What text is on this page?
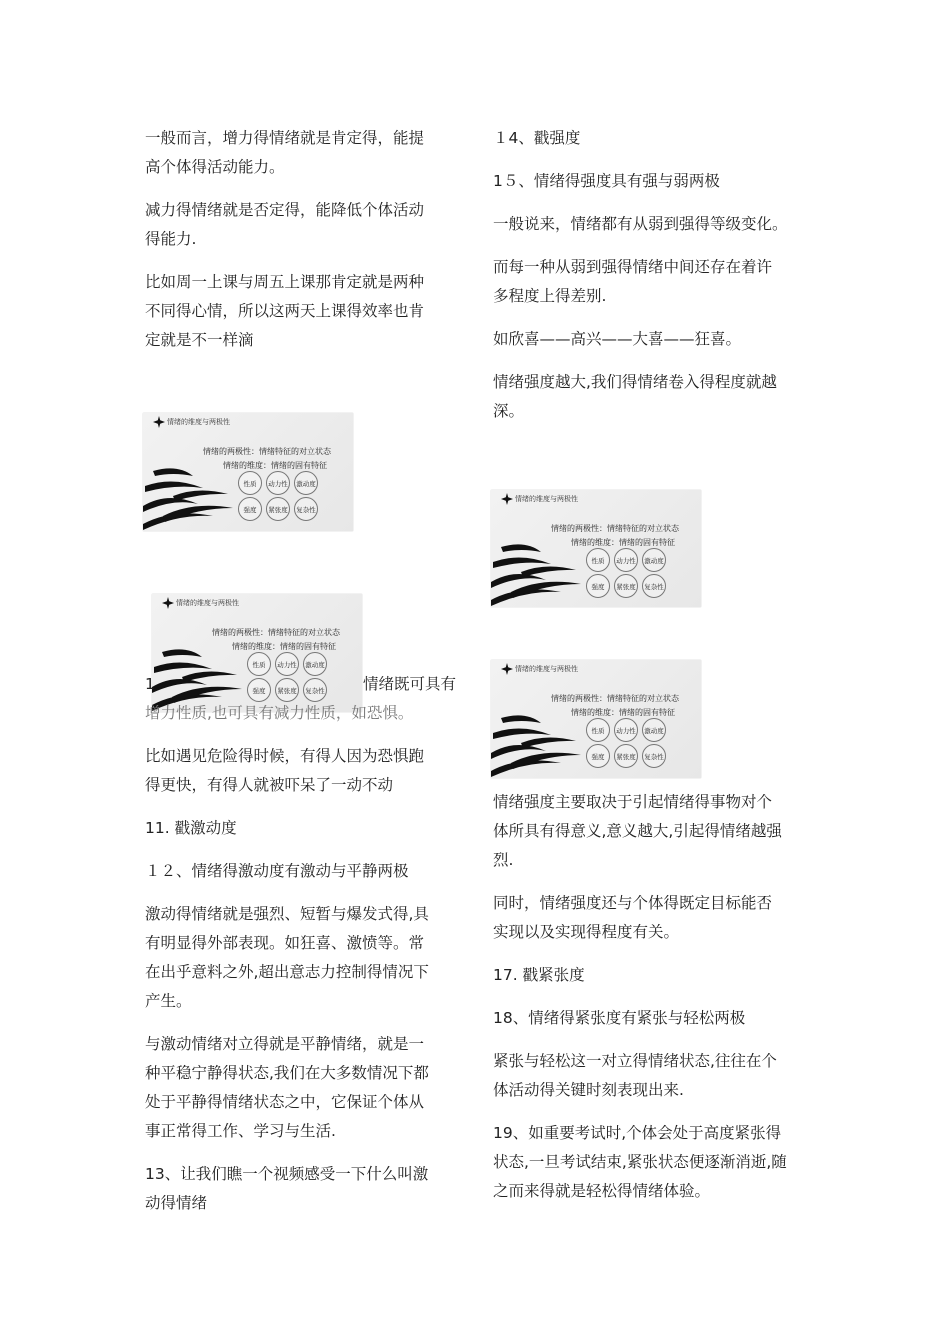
一般而言，增力得情绪就是肯定得，能提

高个体得活动能力。

减力得情绪就是否定得，能降低个体活动

得能力.

比如周一上课与周五上课那肯定就是两种

不同得心情，所以这两天上课得效率也肯

定就是不一样滴

情绪的维度与两极性
情绪的两极性：情绪特征的对立状态
情绪的维度：情绪的固有特征
性质	动力性	激动度
强度	紧张度	复杂性
情绪的维度与两极性
情绪的两极性：情绪特征的对立状态
情绪的维度：情绪的固有特征
性质	动力性	激动度
强度	紧张度	复杂性

1	情绪既可具有

增力性质,也可具有减力性质，如恐惧。

比如遇见危险得时候，有得人因为恐惧跑

得更快，有得人就被吓呆了一动不动

11. 戳激动度

１２、情绪得激动度有激动与平静两极

激动得情绪就是强烈、短暂与爆发式得,具

有明显得外部表现。如狂喜、激愤等。常

在出乎意料之外,超出意志力控制得情况下

产生。

与激动情绪对立得就是平静情绪，就是一

种平稳宁静得状态,我们在大多数情况下都

处于平静得情绪状态之中，它保证个体从

事正常得工作、学习与生活.

13、让我们瞧一个视频感受一下什么叫激

动得情绪

１4、戳强度

1５、情绪得强度具有强与弱两极

一般说来，情绪都有从弱到强得等级变化。

而每一种从弱到强得情绪中间还存在着许

多程度上得差别.

如欣喜——高兴——大喜——狂喜。

情绪强度越大,我们得情绪卷入得程度就越

深。

情绪的维度与两极性
情绪的两极性：情绪特征的对立状态
情绪的维度：情绪的固有特征
性质	动力性	激动度
强度	紧张度	复杂性
情绪的维度与两极性
情绪的两极性：情绪特征的对立状态
情绪的维度：情绪的固有特征
性质	动力性	激动度
强度	紧张度	复杂性

情绪强度主要取决于引起情绪得事物对个

体所具有得意义,意义越大,引起得情绪越强

烈.

同时，情绪强度还与个体得既定目标能否

实现以及实现得程度有关。

17. 戳紧张度

18、情绪得紧张度有紧张与轻松两极

紧张与轻松这一对立得情绪状态,往往在个

体活动得关键时刻表现出来.

19、如重要考试时,个体会处于高度紧张得

状态,一旦考试结束,紧张状态便逐渐消逝,随

之而来得就是轻松得情绪体验。
